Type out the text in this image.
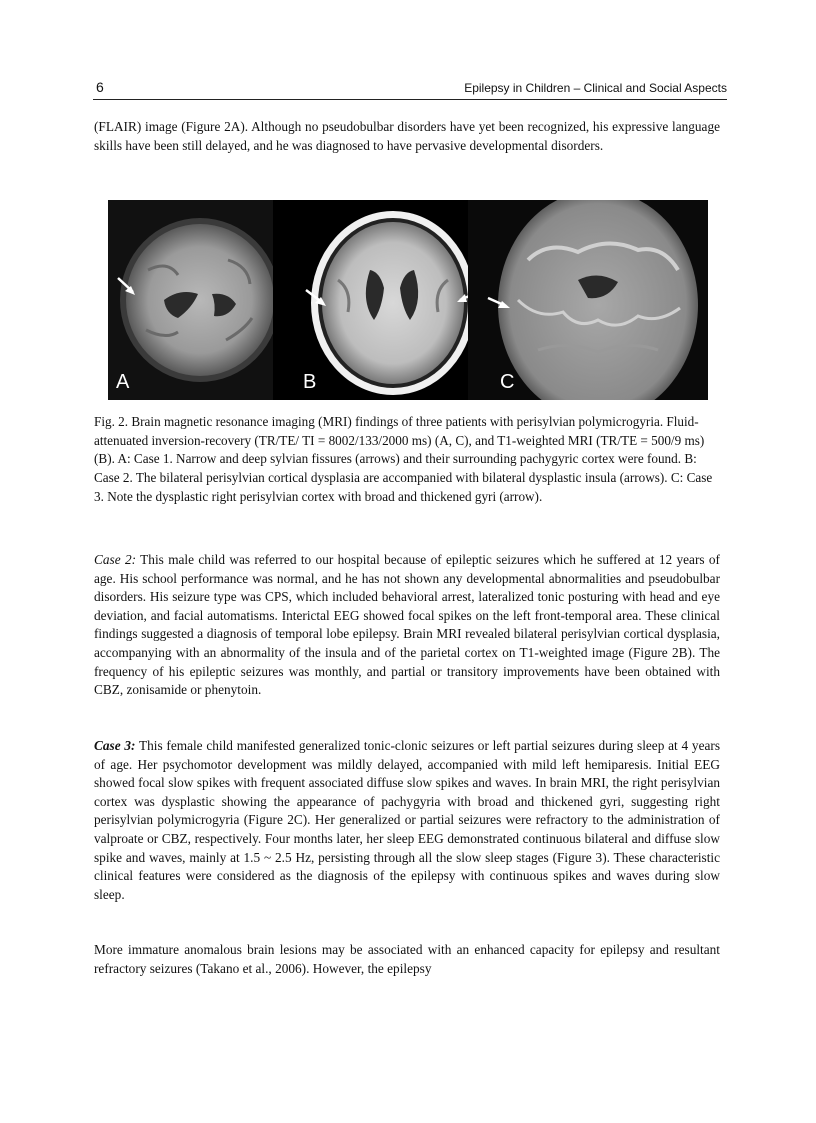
6	Epilepsy in Children – Clinical and Social Aspects

(FLAIR) image (Figure 2A). Although no pseudobulbar disorders have yet been recognized, his expressive language skills have been still delayed, and he was diagnosed to have pervasive developmental disorders.

A	B	C

Fig. 2. Brain magnetic resonance imaging (MRI) findings of three patients with perisylvian polymicrogyria. Fluid-attenuated inversion-recovery (TR/TE/ TI = 8002/133/2000 ms) (A, C), and T1-weighted MRI (TR/TE = 500/9 ms) (B). A: Case 1. Narrow and deep sylvian fissures (arrows) and their surrounding pachygyric cortex were found. B: Case 2. The bilateral perisylvian cortical dysplasia are accompanied with bilateral dysplastic insula (arrows). C: Case 3. Note the dysplastic right perisylvian cortex with broad and thickened gyri (arrow).

Case 2: This male child was referred to our hospital because of epileptic seizures which he suffered at 12 years of age. His school performance was normal, and he has not shown any developmental abnormalities and pseudobulbar disorders. His seizure type was CPS, which included behavioral arrest, lateralized tonic posturing with head and eye deviation, and facial automatisms. Interictal EEG showed focal spikes on the left front-temporal area. These clinical findings suggested a diagnosis of temporal lobe epilepsy. Brain MRI revealed bilateral perisylvian cortical dysplasia, accompanying with an abnormality of the insula and of the parietal cortex on T1-weighted image (Figure 2B). The frequency of his epileptic seizures was monthly, and partial or transitory improvements have been obtained with CBZ, zonisamide or phenytoin.

Case 3: This female child manifested generalized tonic-clonic seizures or left partial seizures during sleep at 4 years of age. Her psychomotor development was mildly delayed, accompanied with mild left hemiparesis. Initial EEG showed focal slow spikes with frequent associated diffuse slow spikes and waves. In brain MRI, the right perisylvian cortex was dysplastic showing the appearance of pachygyria with broad and thickened gyri, suggesting right perisylvian polymicrogyria (Figure 2C). Her generalized or partial seizures were refractory to the administration of valproate or CBZ, respectively. Four months later, her sleep EEG demonstrated continuous bilateral and diffuse slow spike and waves, mainly at 1.5 ~ 2.5 Hz, persisting through all the slow sleep stages (Figure 3). These characteristic clinical features were considered as the diagnosis of the epilepsy with continuous spikes and waves during slow sleep.

More immature anomalous brain lesions may be associated with an enhanced capacity for epilepsy and resultant refractory seizures (Takano et al., 2006). However, the epilepsy
